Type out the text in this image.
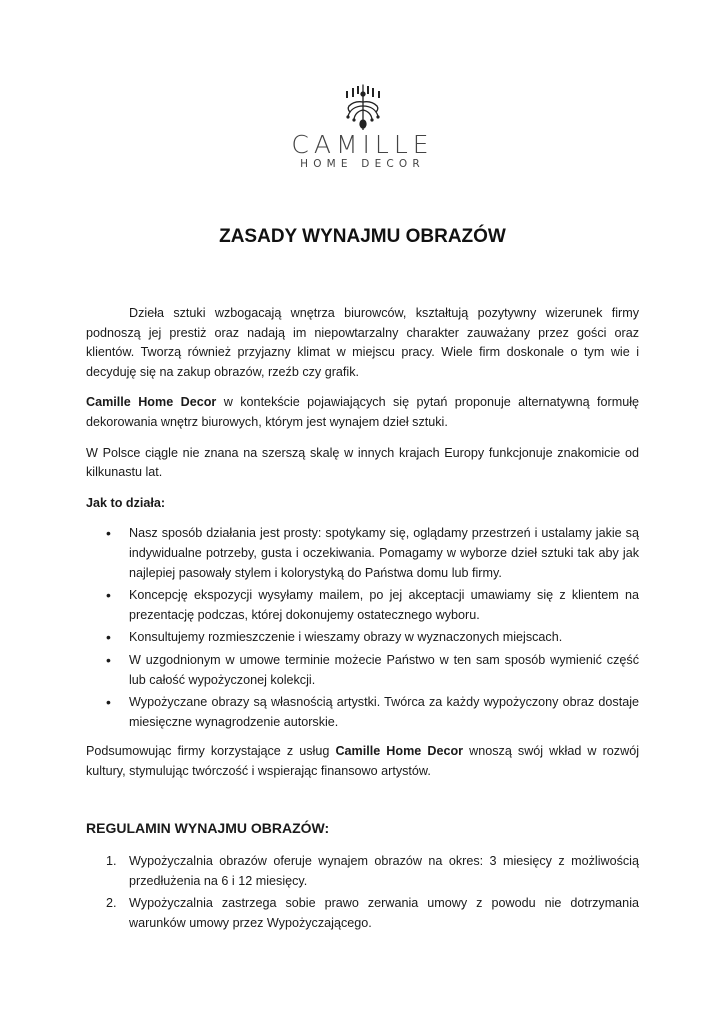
CAMILLE
HOME DECOR
ZASADY WYNAJMU OBRAZÓW

Dzieła sztuki wzbogacają wnętrza biurowców, kształtują pozytywny wizerunek firmy podnoszą jej prestiż oraz nadają im niepowtarzalny charakter zauważany przez gości oraz klientów. Tworzą również przyjazny klimat w miejscu pracy. Wiele firm doskonale o tym wie i decyduję się na zakup obrazów, rzeźb czy grafik.

Camille Home Decor w kontekście pojawiających się pytań proponuje alternatywną formułę dekorowania wnętrz biurowych, którym jest wynajem dzieł sztuki.

W Polsce ciągle nie znana na szerszą skalę w innych krajach Europy funkcjonuje znakomicie od kilkunastu lat.

Jak to działa:

• Nasz sposób działania jest prosty: spotykamy się, oglądamy przestrzeń i ustalamy jakie są indywidualne potrzeby, gusta i oczekiwania. Pomagamy w wyborze dzieł sztuki tak aby jak najlepiej pasowały stylem i kolorystyką do Państwa domu lub firmy.
• Koncepcję ekspozycji wysyłamy mailem, po jej akceptacji umawiamy się z klientem na prezentację podczas, której dokonujemy ostatecznego wyboru.
• Konsultujemy rozmieszczenie i wieszamy obrazy w wyznaczonych miejscach.
• W uzgodnionym w umowe terminie możecie Państwo w ten sam sposób wymienić część lub całość wypożyczonej kolekcji.
• Wypożyczane obrazy są własnością artystki. Twórca za każdy wypożyczony obraz dostaje miesięczne wynagrodzenie autorskie.

Podsumowując firmy korzystające z usług Camille Home Decor wnoszą swój wkład w rozwój kultury, stymulując twórczość i wspierając finansowo artystów.

REGULAMIN WYNAJMU OBRAZÓW:
1. Wypożyczalnia obrazów oferuje wynajem obrazów na okres: 3 miesięcy z możliwością przedłużenia na 6 i 12 miesięcy.
2. Wypożyczalnia zastrzega sobie prawo zerwania umowy z powodu nie dotrzymania warunków umowy przez Wypożyczającego.
